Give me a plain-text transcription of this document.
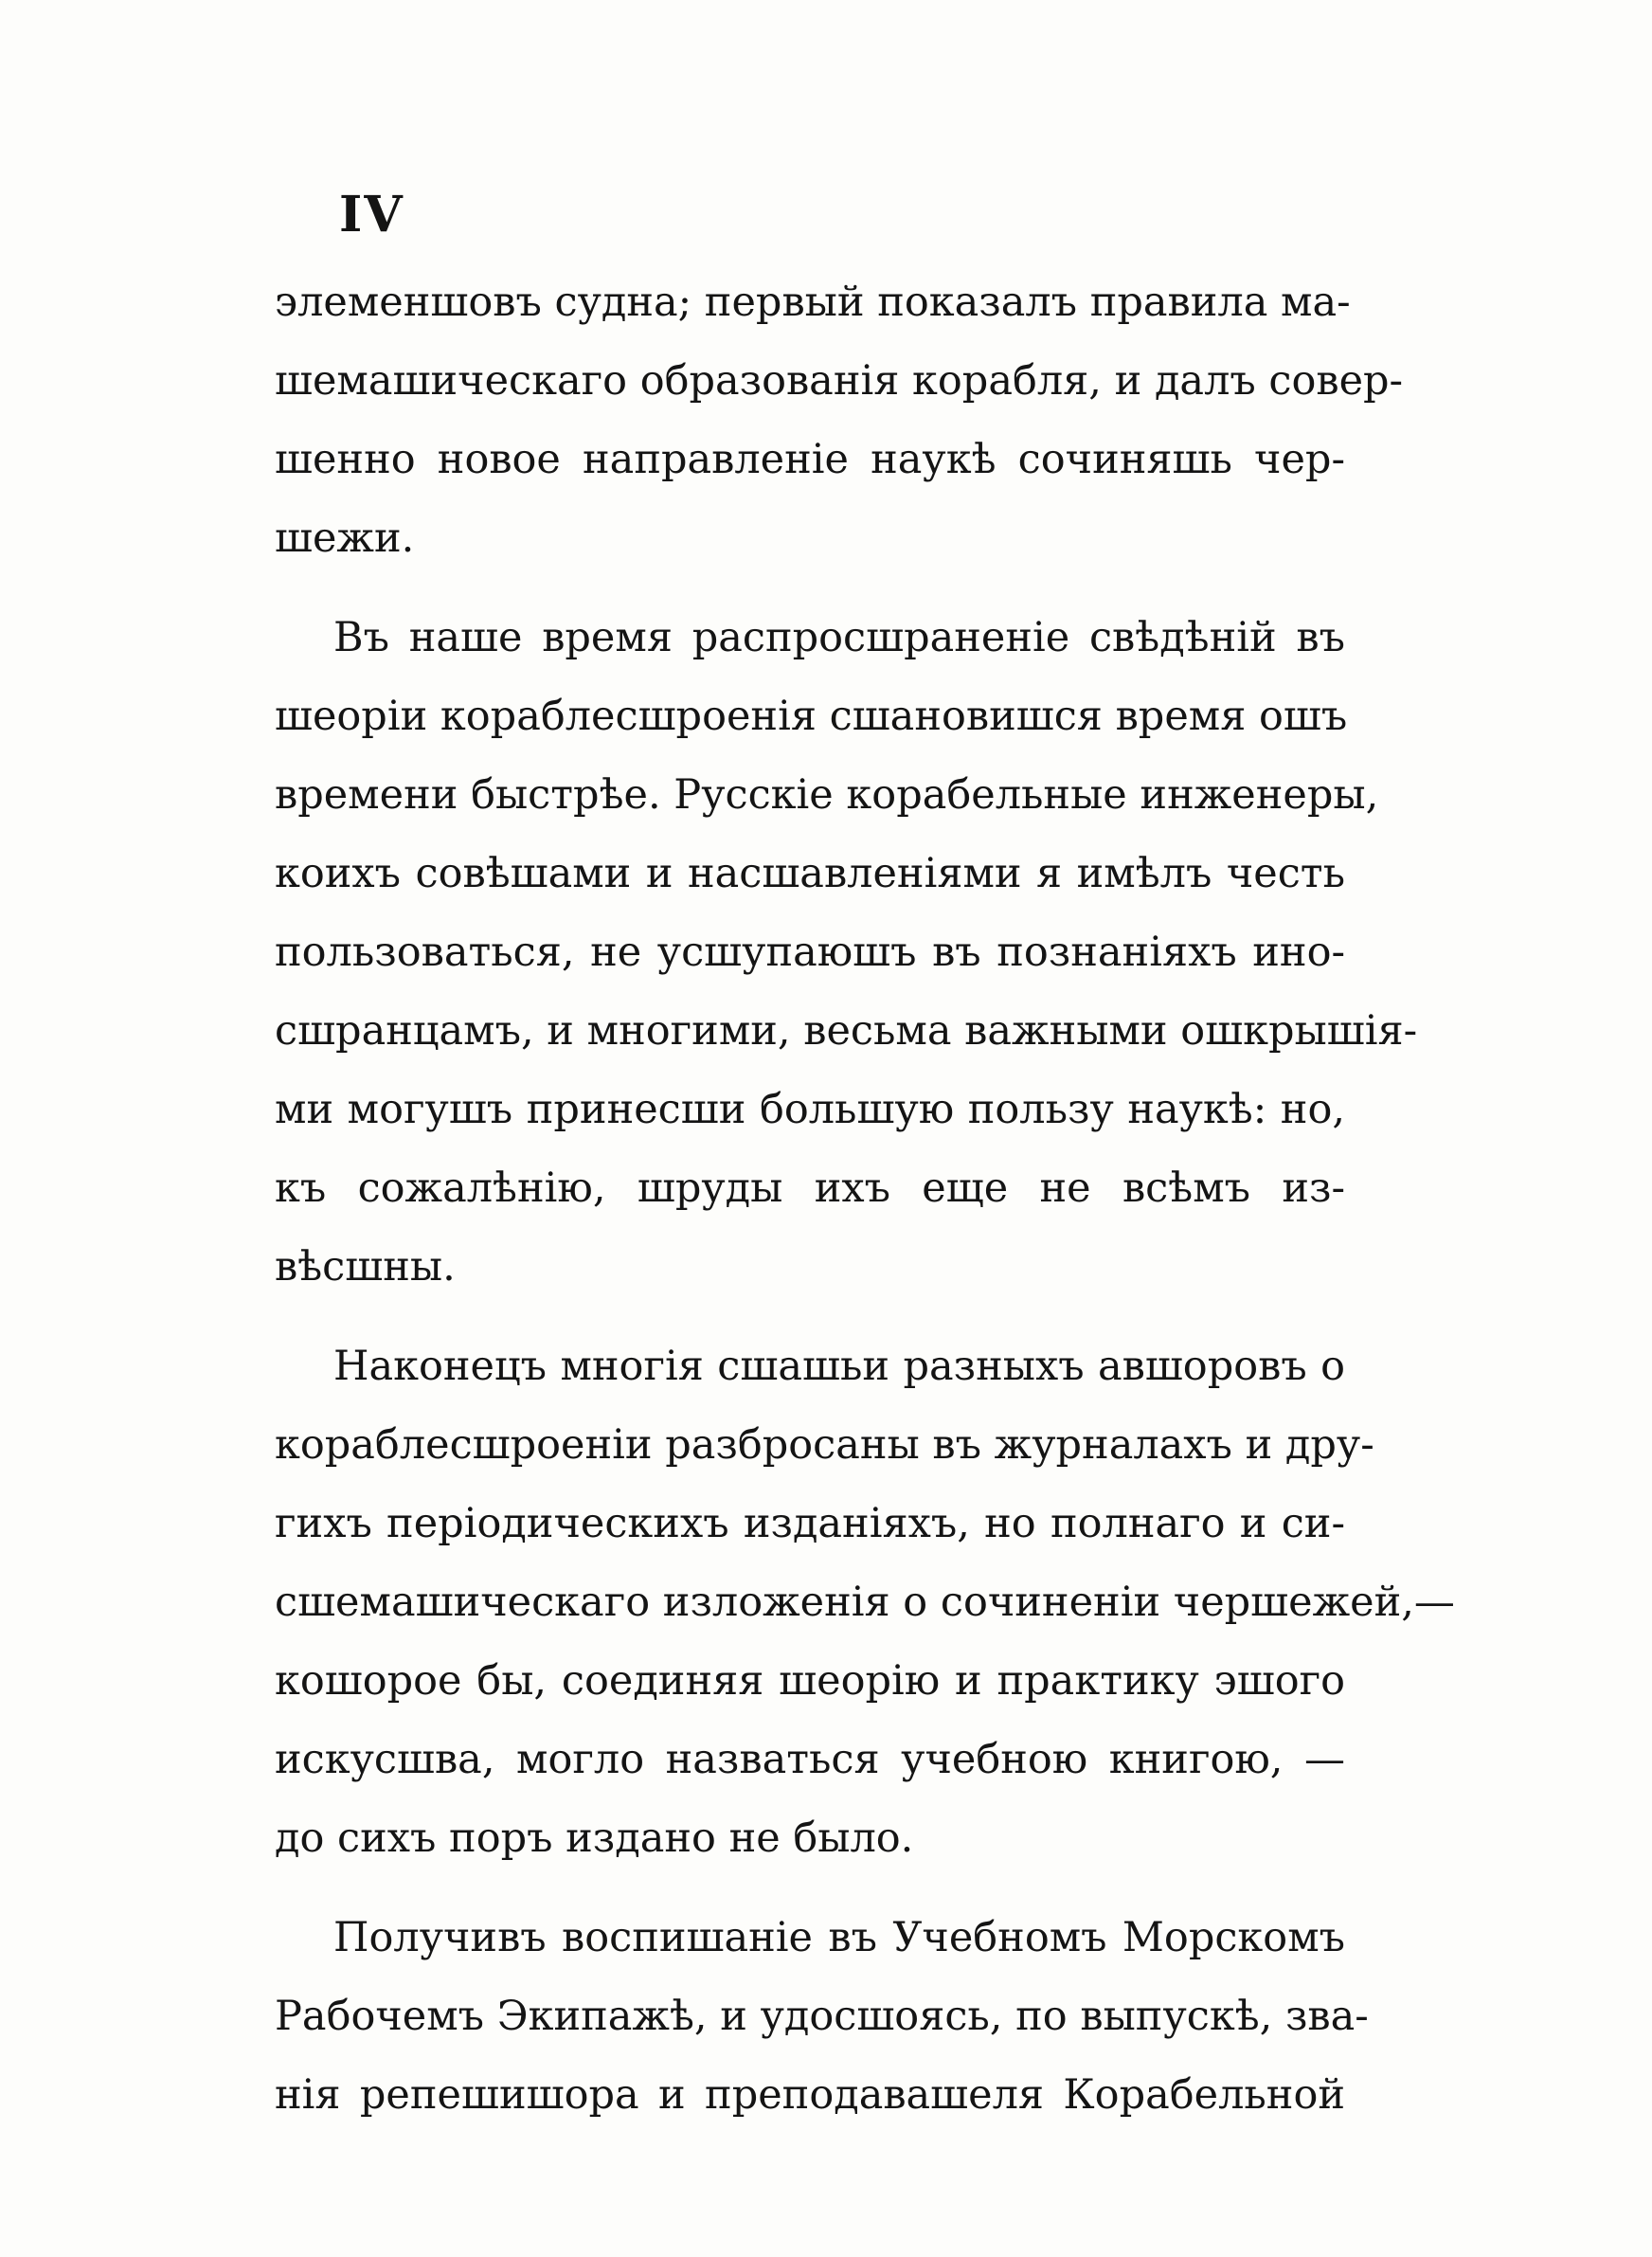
IV
элеменшовъ судна; первый показалъ правила ма-
шемашическаго образованія корабля, и далъ совер-
шенно новое направленіе наукѣ сочиняшь чер-
шежи.
Въ наше время распросшраненіе свѣдѣній въ
шеоріи кораблесшроенія сшановишся время ошъ
времени быстрѣе. Русскіе корабельные инженеры,
коихъ совѣшами и насшавленіями я имѣлъ честь
пользоваться, не усшупаюшъ въ познаніяхъ ино-
сшранцамъ, и многими, весьма важными ошкрышія-
ми могушъ принесши большую пользу наукѣ: но,
къ сожалѣнію, шруды ихъ еще не всѣмъ из-
вѣсшны.
Наконецъ многія сшашьи разныхъ авшоровъ о
кораблесшроеніи разбросаны въ журналахъ и дру-
гихъ періодическихъ изданіяхъ, но полнаго и си-
сшемашическаго изложенія о сочиненіи чершежей,—
кошорое бы, соединяя шеорію и практику эшого
искусшва, могло назваться учебною книгою, —
до сихъ поръ издано не было.
Получивъ воспишаніе въ Учебномъ Морскомъ
Рабочемъ Экипажѣ, и удосшоясь, по выпускѣ, зва-
нія репешишора и преподавашеля Корабельной
